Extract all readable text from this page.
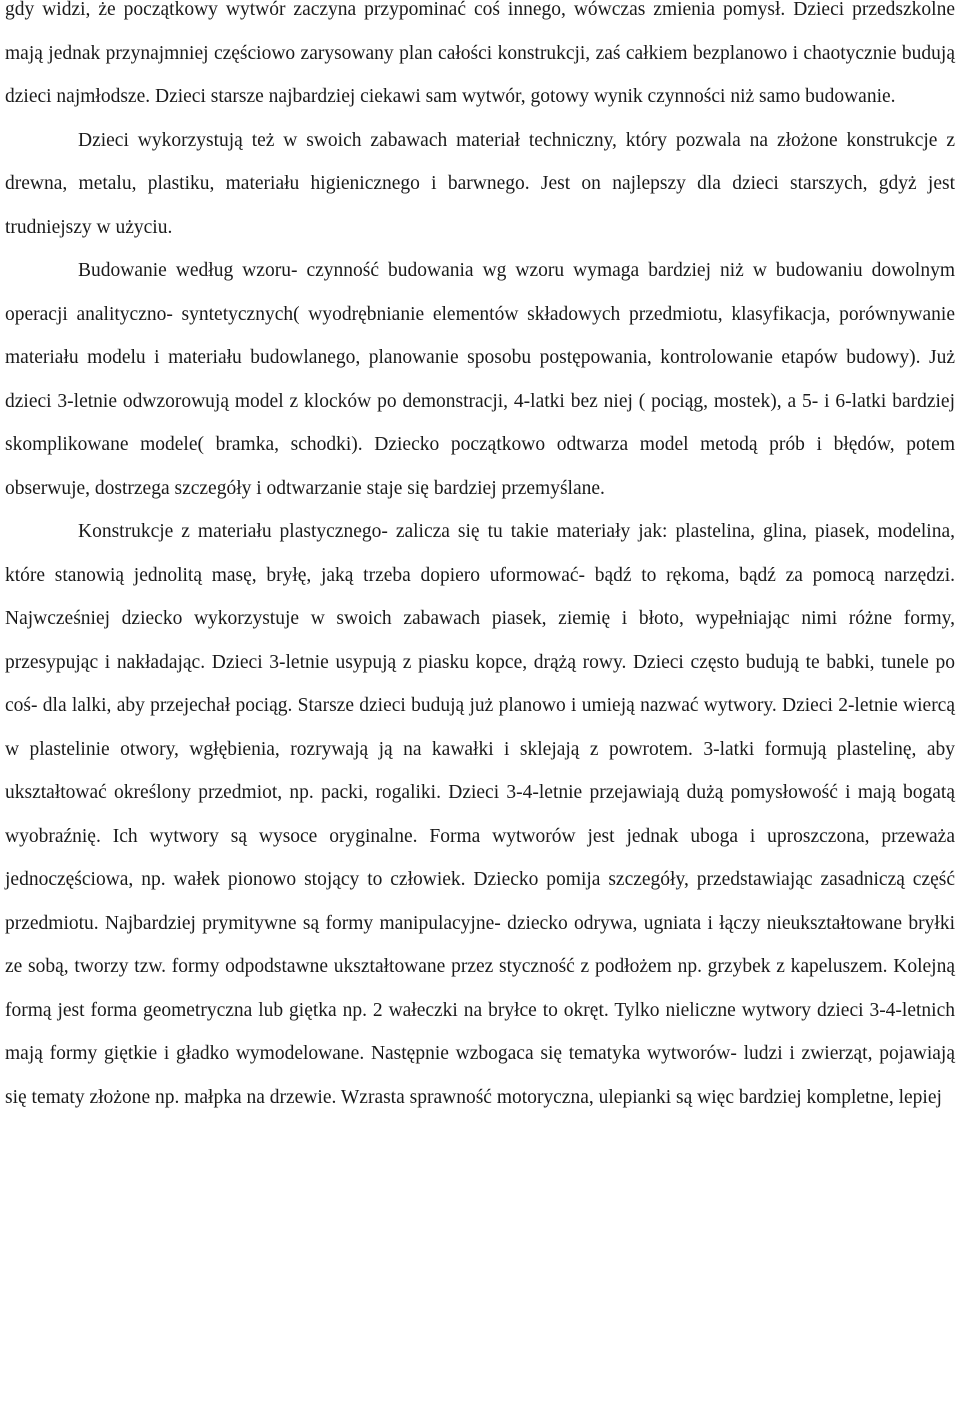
gdy widzi, że początkowy wytwór zaczyna przypominać coś innego, wówczas zmienia pomysł. Dzieci przedszkolne mają jednak przynajmniej częściowo zarysowany plan całości konstrukcji, zaś całkiem bezplanowo i chaotycznie budują dzieci najmłodsze. Dzieci starsze najbardziej ciekawi sam wytwór, gotowy wynik czynności niż samo budowanie.

Dzieci wykorzystują też w swoich zabawach materiał techniczny, który pozwala na złożone konstrukcje z drewna, metalu, plastiku, materiału higienicznego i barwnego. Jest on najlepszy dla dzieci starszych, gdyż jest trudniejszy w użyciu.

Budowanie według wzoru- czynność budowania wg wzoru wymaga bardziej niż w budowaniu dowolnym operacji analityczno- syntetycznych( wyodrębnianie elementów składowych przedmiotu, klasyfikacja, porównywanie materiału modelu i materiału budowlanego, planowanie sposobu postępowania, kontrolowanie etapów budowy). Już dzieci 3-letnie odwzorowują model z klocków po demonstracji, 4-latki bez niej ( pociąg, mostek), a 5- i 6-latki bardziej skomplikowane modele( bramka, schodki). Dziecko początkowo odtwarza model metodą prób i błędów, potem obserwuje, dostrzega szczegóły i odtwarzanie staje się bardziej przemyślane.

Konstrukcje z materiału plastycznego- zalicza się tu takie materiały jak: plastelina, glina, piasek, modelina, które stanowią jednolitą masę, bryłę, jaką trzeba dopiero uformować- bądź to rękoma, bądź za pomocą narzędzi. Najwcześniej dziecko wykorzystuje w swoich zabawach piasek, ziemię i błoto, wypełniając nimi różne formy, przesypując i nakładając. Dzieci 3-letnie usypują z piasku kopce, drążą rowy. Dzieci często budują te babki, tunele po coś- dla lalki, aby przejechał pociąg. Starsze dzieci budują już planowo i umieją nazwać wytwory. Dzieci 2-letnie wiercą w plastelinie otwory, wgłębienia, rozrywają ją na kawałki i sklejają z powrotem. 3-latki formują plastelinę, aby ukształtować określony przedmiot, np. packi, rogaliki. Dzieci 3-4-letnie przejawiają dużą pomysłowość i mają bogatą wyobraźnię. Ich wytwory są wysoce oryginalne. Forma wytworów jest jednak uboga i uproszczona, przeważa jednoczęściowa, np. wałek pionowo stojący to człowiek. Dziecko pomija szczegóły, przedstawiając zasadniczą część przedmiotu. Najbardziej prymitywne są formy manipulacyjne- dziecko odrywa, ugniata i łączy nieukształtowane bryłki ze sobą, tworzy tzw. formy odpodstawne ukształtowane przez styczność z podłożem np. grzybek z kapeluszem. Kolejną formą jest forma geometryczna lub giętka np. 2 wałeczki na bryłce to okręt. Tylko nieliczne wytwory dzieci 3-4-letnich mają formy giętkie i gładko wymodelowane. Następnie wzbogaca się tematyka wytworów- ludzi i zwierząt, pojawiają się tematy złożone np. małpka na drzewie. Wzrasta sprawność motoryczna, ulepianki są więc bardziej kompletne, lepiej
